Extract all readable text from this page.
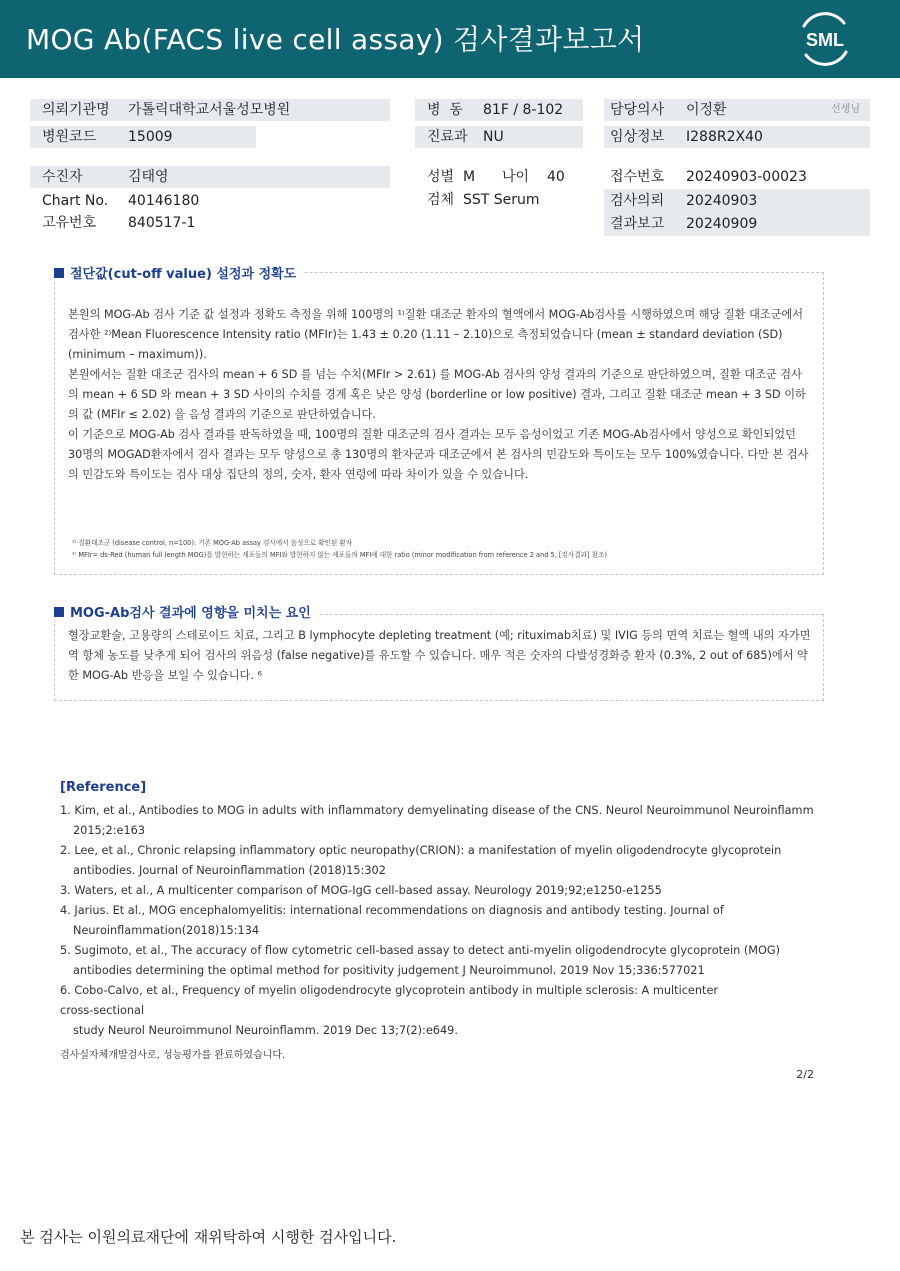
MOG Ab(FACS live cell assay) 검사결과보고서	SML
의뢰기관명 가톨릭대학교서울성모병원
병원코드 15009
병  동 81F / 8-102
진료과 NU
담당의사 이정환	선생님
임상정보 I288R2X40
수진자	김태영
Chart No. 40146180
고유번호 840517-1
성별 M 나이 40
검체 SST Serum
접수번호 20240903-00023
검사의뢰 20240903
결과보고 20240909
절단값(cut-off value) 설정과 정확도

본원의 MOG-Ab 검사 기준 값 설정과 정확도 측정을 위해 100명의 ¹⁾질환 대조군 환자의 혈액에서 MOG-Ab검사를 시행하였으며 해당 질환 대조군에서 검사한 ²⁾Mean Fluorescence Intensity ratio (MFIr)는 1.43 ± 0.20 (1.11 – 2.10)으로 측정되었습니다 (mean ± standard deviation (SD) (minimum – maximum)).

본원에서는 질환 대조군 검사의 mean + 6 SD 를 넘는 수치(MFIr > 2.61) 를 MOG-Ab 검사의 양성 결과의 기준으로 판단하였으며, 질환 대조군 검사의 mean + 6 SD 와 mean + 3 SD 사이의 수치를 경계 혹은 낮은 양성 (borderline or low positive) 결과, 그리고 질환 대조군 mean + 3 SD 이하의 값 (MFIr ≤ 2.02) 을 음성 결과의 기준으로 판단하였습니다.

이 기준으로 MOG-Ab 검사 결과를 판독하였을 때, 100명의 질환 대조군의 검사 결과는 모두 음성이었고 기존 MOG-Ab검사에서 양성으로 확인되었던 30명의 MOGAD환자에서 검사 결과는 모두 양성으로 총 130명의 환자군과 대조군에서 본 검사의 민감도와 특이도는 모두 100%였습니다. 다만 본 검사의 민감도와 특이도는 검사 대상 집단의 정의, 숫자, 환자 연령에 따라 차이가 있을 수 있습니다.

¹⁾ 질환대조군 (disease control, n=100): 기존 MOG-Ab assay 검사에서 음성으로 확인된 환자
²⁾ MFIr= ds-Red (human full length MOG)를 발현하는 세포들의 MFI와 발현하지 않는 세포들의 MFI에 대한 ratio (minor modification from reference 2 and 5, [검사결과] 참조)
MOG-Ab검사 결과에 영향을 미치는 요인

혈장교환술, 고용량의 스테로이드 치료, 그리고 B lymphocyte depleting treatment (예; rituximab치료) 및 IVIG 등의 면역 치료는 혈액 내의 자가면역 항체 농도를 낮추게 되어 검사의 위음성 (false negative)를 유도할 수 있습니다. 매우 적은 숫자의 다발성경화증 환자 (0.3%, 2 out of 685)에서 약한 MOG-Ab 반응을 보일 수 있습니다. ⁶

[Reference]
1. Kim, et al., Antibodies to MOG in adults with inflammatory demyelinating disease of the CNS. Neurol Neuroimmunol Neuroinflamm 2015;2:e163
2. Lee, et al., Chronic relapsing inflammatory optic neuropathy(CRION): a manifestation of myelin oligodendrocyte glycoprotein antibodies. Journal of Neuroinflammation (2018)15:302
3. Waters, et al., A multicenter comparison of MOG-IgG cell-based assay. Neurology 2019;92;e1250-e1255
4. Jarius. Et al., MOG encephalomyelitis: international recommendations on diagnosis and antibody testing. Journal of Neuroinflammation(2018)15:134
5. Sugimoto, et al., The accuracy of flow cytometric cell-based assay to detect anti-myelin oligodendrocyte glycoprotein (MOG) antibodies determining the optimal method for positivity judgement J Neuroimmunol. 2019 Nov 15;336:577021
6. Cobo-Calvo, et al., Frequency of myelin oligodendrocyte glycoprotein antibody in multiple sclerosis: A multicenter
cross-sectional
study Neurol Neuroimmunol Neuroinflamm. 2019 Dec 13;7(2):e649.
검사실자체개발검사로, 성능평가를 완료하였습니다.
2/2
본 검사는 이원의료재단에 재위탁하여 시행한 검사입니다.
